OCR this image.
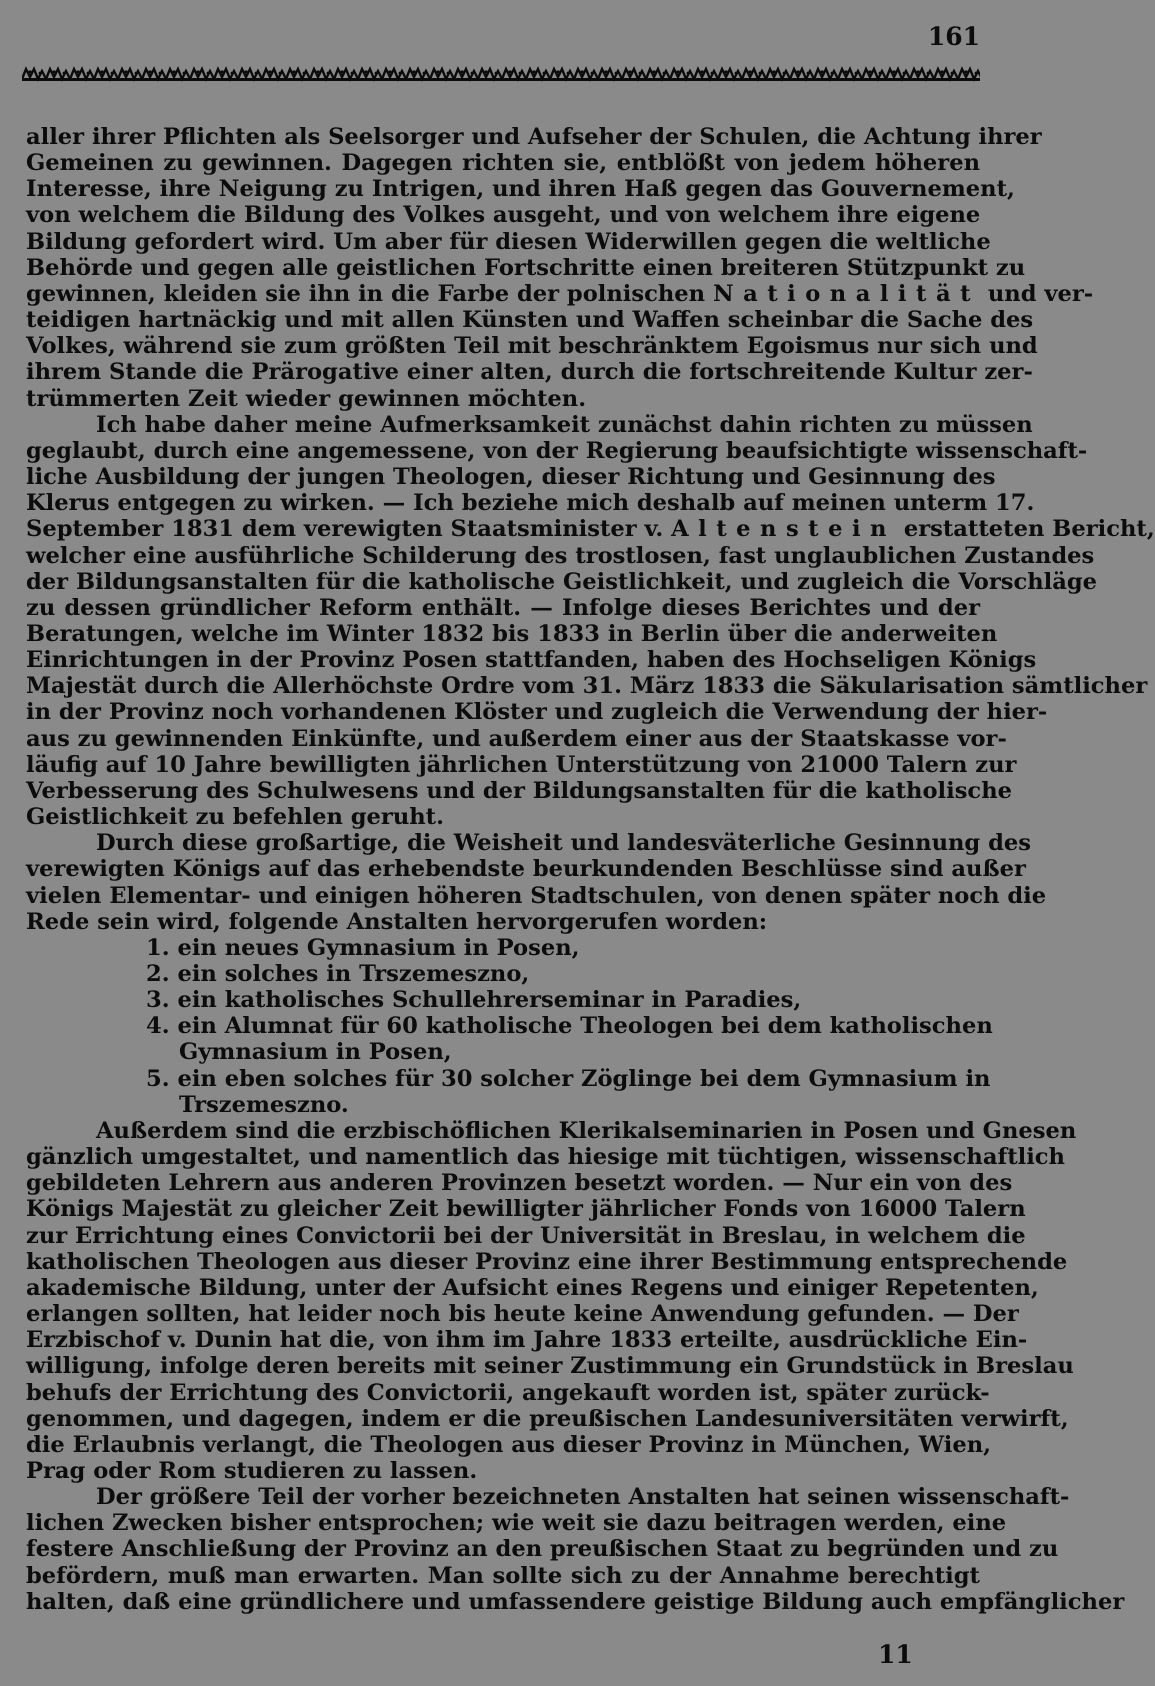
161
aller ihrer Pflichten als Seelsorger und Aufseher der Schulen, die Achtung ihrer
Gemeinen zu gewinnen. Dagegen richten sie, entblößt von jedem höheren
Interesse, ihre Neigung zu Intrigen, und ihren Haß gegen das Gouvernement,
von welchem die Bildung des Volkes ausgeht, und von welchem ihre eigene
Bildung gefordert wird. Um aber für diesen Widerwillen gegen die weltliche
Behörde und gegen alle geistlichen Fortschritte einen breiteren Stützpunkt zu
gewinnen, kleiden sie ihn in die Farbe der polnischen Nationalität und ver-
teidigen hartnäckig und mit allen Künsten und Waffen scheinbar die Sache des
Volkes, während sie zum größten Teil mit beschränktem Egoismus nur sich und
ihrem Stande die Prärogative einer alten, durch die fortschreitende Kultur zer-
trümmerten Zeit wieder gewinnen möchten.
Ich habe daher meine Aufmerksamkeit zunächst dahin richten zu müssen
geglaubt, durch eine angemessene, von der Regierung beaufsichtigte wissenschaft-
liche Ausbildung der jungen Theologen, dieser Richtung und Gesinnung des
Klerus entgegen zu wirken. — Ich beziehe mich deshalb auf meinen unterm 17.
September 1831 dem verewigten Staatsminister v. Altenstein erstatteten Bericht,
welcher eine ausführliche Schilderung des trostlosen, fast unglaublichen Zustandes
der Bildungsanstalten für die katholische Geistlichkeit, und zugleich die Vorschläge
zu dessen gründlicher Reform enthält. — Infolge dieses Berichtes und der
Beratungen, welche im Winter 1832 bis 1833 in Berlin über die anderweiten
Einrichtungen in der Provinz Posen stattfanden, haben des Hochseligen Königs
Majestät durch die Allerhöchste Ordre vom 31. März 1833 die Säkularisation sämtlicher
in der Provinz noch vorhandenen Klöster und zugleich die Verwendung der hier-
aus zu gewinnenden Einkünfte, und außerdem einer aus der Staatskasse vor-
läufig auf 10 Jahre bewilligten jährlichen Unterstützung von 21000 Talern zur
Verbesserung des Schulwesens und der Bildungsanstalten für die katholische
Geistlichkeit zu befehlen geruht.
Durch diese großartige, die Weisheit und landesväterliche Gesinnung des
verewigten Königs auf das erhebendste beurkundenden Beschlüsse sind außer
vielen Elementar- und einigen höheren Stadtschulen, von denen später noch die
Rede sein wird, folgende Anstalten hervorgerufen worden:
1. ein neues Gymnasium in Posen,
2. ein solches in Trszemeszno,
3. ein katholisches Schullehrerseminar in Paradies,
4. ein Alumnat für 60 katholische Theologen bei dem katholischen
Gymnasium in Posen,
5. ein eben solches für 30 solcher Zöglinge bei dem Gymnasium in
Trszemeszno.
Außerdem sind die erzbischöflichen Klerikalseminarien in Posen und Gnesen
gänzlich umgestaltet, und namentlich das hiesige mit tüchtigen, wissenschaftlich
gebildeten Lehrern aus anderen Provinzen besetzt worden. — Nur ein von des
Königs Majestät zu gleicher Zeit bewilligter jährlicher Fonds von 16000 Talern
zur Errichtung eines Convictorii bei der Universität in Breslau, in welchem die
katholischen Theologen aus dieser Provinz eine ihrer Bestimmung entsprechende
akademische Bildung, unter der Aufsicht eines Regens und einiger Repetenten,
erlangen sollten, hat leider noch bis heute keine Anwendung gefunden. — Der
Erzbischof v. Dunin hat die, von ihm im Jahre 1833 erteilte, ausdrückliche Ein-
willigung, infolge deren bereits mit seiner Zustimmung ein Grundstück in Breslau
behufs der Errichtung des Convictorii, angekauft worden ist, später zurück-
genommen, und dagegen, indem er die preußischen Landesuniversitäten verwirft,
die Erlaubnis verlangt, die Theologen aus dieser Provinz in München, Wien,
Prag oder Rom studieren zu lassen.
Der größere Teil der vorher bezeichneten Anstalten hat seinen wissenschaft-
lichen Zwecken bisher entsprochen; wie weit sie dazu beitragen werden, eine
festere Anschließung der Provinz an den preußischen Staat zu begründen und zu
befördern, muß man erwarten. Man sollte sich zu der Annahme berechtigt
halten, daß eine gründlichere und umfassendere geistige Bildung auch empfänglicher
11
